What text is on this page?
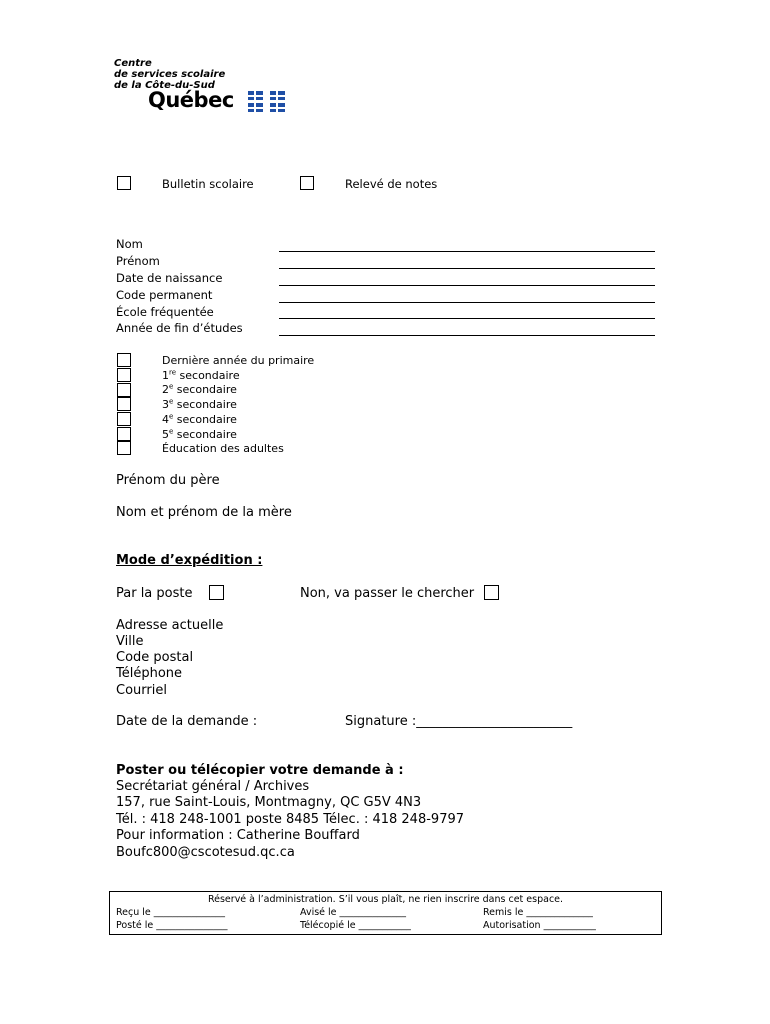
Centre
de services scolaire
de la Côte-du-Sud
Québec
Bulletin scolaire	Relevé de notes
Nom
Prénom
Date de naissance
Code permanent
École fréquentée
Année de fin d’études
Dernière année du primaire
1re secondaire
2e secondaire
3e secondaire
4e secondaire
5e secondaire
Éducation des adultes
Prénom du père
Nom et prénom de la mère
Mode d’expédition :
Par la poste	Non, va passer le chercher
Adresse actuelle
Ville
Code postal
Téléphone
Courriel
Date de la demande :	Signature :________________________
Poster ou télécopier votre demande à :
Secrétariat général / Archives
157, rue Saint-Louis, Montmagny, QC G5V 4N3
Tél. : 418 248-1001 poste 8485 Télec. : 418 248-9797
Pour information : Catherine Bouffard
Boufc800@cscotesud.qc.ca
Réservé à l’administration. S’il vous plaît, ne rien inscrire dans cet espace.
Reçu le _______________	Avisé le ______________	Remis le ______________
Posté le _______________	Télécopié le ___________	Autorisation ___________
